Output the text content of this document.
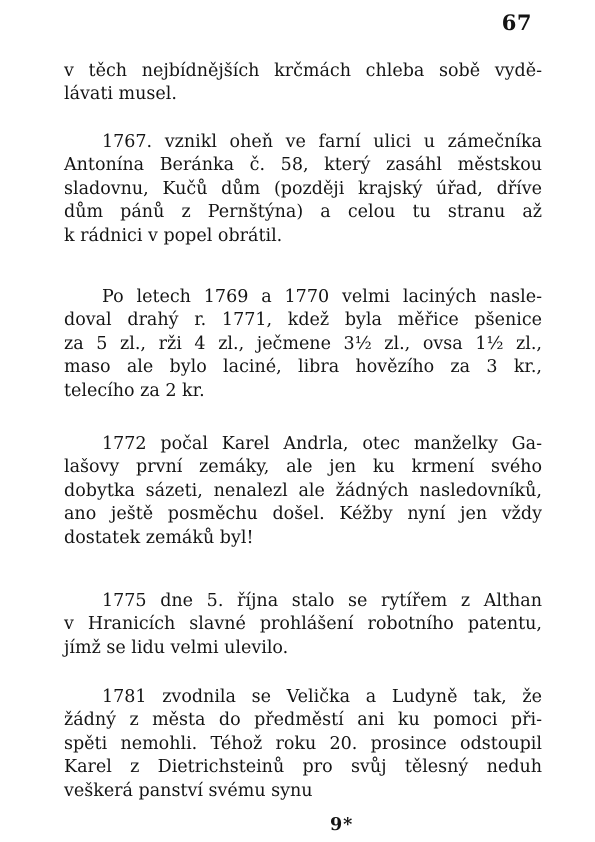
67
v těch nejbídnějších krčmách chleba sobě vydě-
lávati musel.
1767. vznikl oheň ve farní ulici u zámečníka
Antonína Beránka č. 58, který zasáhl městskou
sladovnu, Kučů dům (později krajský úřad, dříve
dům pánů z Pernštýna) a celou tu stranu až
k rádnici v popel obrátil.
Po letech 1769 a 1770 velmi laciných nasle-
doval drahý r. 1771, kdež byla měřice pšenice
za 5 zl., rži 4 zl., ječmene 3½ zl., ovsa 1½ zl.,
maso ale bylo laciné, libra hovězího za 3 kr.,
telecího za 2 kr.
1772 počal Karel Andrla, otec manželky Ga-
lašovy první zemáky, ale jen ku krmení svého
dobytka sázeti, nenalezl ale žádných nasledovníků,
ano ještě posměchu došel. Kéžby nyní jen vždy
dostatek zemáků byl!
1775 dne 5. října stalo se rytířem z Althan
v Hranicích slavné prohlášení robotního patentu,
jímž se lidu velmi ulevilo.
1781 zvodnila se Velička a Ludyně tak, že
žádný z města do předměstí ani ku pomoci při-
spěti nemohli. Téhož roku 20. prosince odstoupil
Karel z Dietrichsteinů pro svůj tělesný neduh
veškerá panství svému synu
9*
